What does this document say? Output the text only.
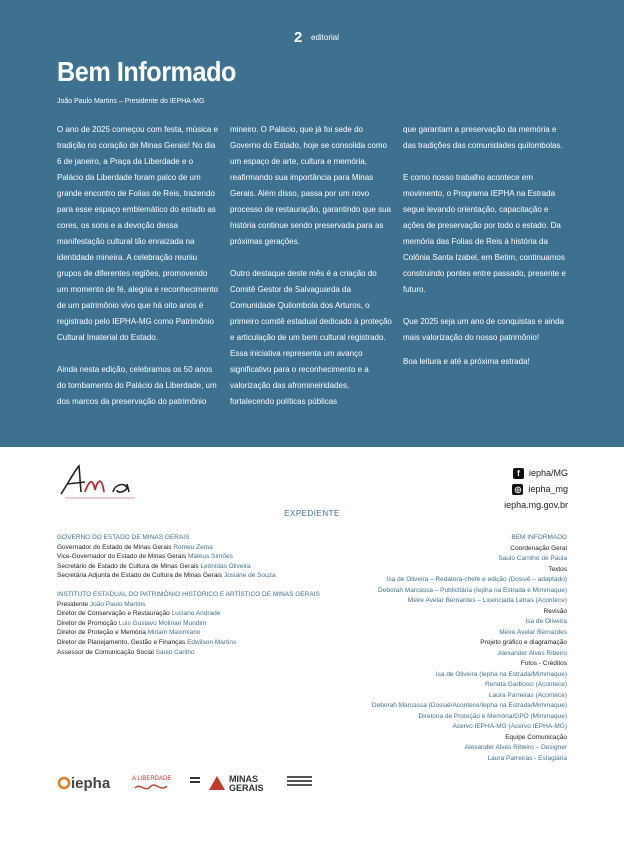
2 editorial
Bem Informado
João Paulo Martins – Presidente do IEPHA-MG

O ano de 2025 começou com festa, música e tradição no coração de Minas Gerais! No dia 6 de janeiro, a Praça da Liberdade e o Palácio da Liberdade foram palco de um grande encontro de Folias de Reis, trazendo para esse espaço emblemático do estado as cores, os sons e a devoção dessa manifestação cultural tão enraizada na identidade mineira. A celebração reuniu grupos de diferentes regiões, promovendo um momento de fé, alegria e reconhecimento de um patrimônio vivo que há oito anos é registrado pelo IEPHA-MG como Patrimônio Cultural Imaterial do Estado.

Ainda nesta edição, celebramos os 50 anos do tombamento do Palácio da Liberdade, um dos marcos da preservação do patrimônio

mineiro. O Palácio, que já foi sede do Governo do Estado, hoje se consolida como um espaço de arte, cultura e memória, reafirmando sua importância para Minas Gerais. Além disso, passa por um novo processo de restauração, garantindo que sua história continue sendo preservada para as próximas gerações.

Outro destaque deste mês é a criação do Comitê Gestor de Salvaguarda da Comunidade Quilombola dos Arturos, o primeiro comitê estadual dedicado à proteção e articulação de um bem cultural registrado. Essa iniciativa representa um avanço significativo para o reconhecimento e a valorização das afromineiridades, fortalecendo políticas públicas

que garantam a preservação da memória e das tradições das comunidades quilombolas.

E como nosso trabalho acontece em movimento, o Programa IEPHA na Estrada segue levando orientação, capacitação e ações de preservação por todo o estado. Da memória das Folias de Reis à história da Colônia Santa Izabel, em Betim, continuamos construindo pontes entre passado, presente e futuro.

Que 2025 seja um ano de conquistas e ainda mais valorização do nosso patrimônio!

Boa leitura e até a próxima estrada!

f	iepha/MG
◎ iepha_mg
iepha.mg.gov.br
EXPEDIENTE
GOVERNO DO ESTADO DE MINAS GERAIS
Governador do Estado de Minas Gerais Romeu Zema
Vice-Governador do Estado de Minas Gerais Mateus Simões
Secretário de Estado de Cultura de Minas Gerais Leônidas Oliveira
Secretária Adjunta de Estado de Cultura de Minas Gerais Josiane de Souza
INSTITUTO ESTADUAL DO PATRIMÔNIO HISTÓRICO E ARTÍSTICO DE MINAS GERAIS
Presidente João Paulo Martins
Diretor de Conservação e Restauração Luciano Andrade
Diretor de Promoção Luis Gustavo Molinari Mundim
Diretor de Proteção e Memória Miriam Maximiano
Diretor de Planejamento, Gestão e Finanças Edwilson Martins
Assessor de Comunicação Social Saulo Carilho
BEM INFORMADO
Coordenação Geral
Saulo Carrilho de Paula
Textos
Isa de Oliveira – Redatora-chefe e edição (Dossiê – adaptado)
Deborah Marcassa – Publicitária (Iepha na Estrada e Mimmaque)
Meire Avelar Bernardes – Licenciada Letras (Acontece)
Revisão
Isa de Oliveira
Meire Avelar Bernardes
Projeto gráfico e diagramação
Alexander Alves Ribeiro
Fotos - Créditos
Isa de Oliveira (Iepha na Estrada/Mimmaque)
Renata Garbosci (Acontece)
Laura Parreiras (Acontece)
Deborah Marcassa (Dossiê/Acontece/Iepha na Estrada/Mimmaque)
Diretoria de Proteção e Memória/GPO (Mimmaque)
Acervo IEPHA-MG (Acervo IEPHA-MG)
Equipe Comunicação
Alexander Alves Ribeiro – Designer
Laura Parreiras - Estagiária
iepha	A LIBERDADE	MINAS
GERAIS
